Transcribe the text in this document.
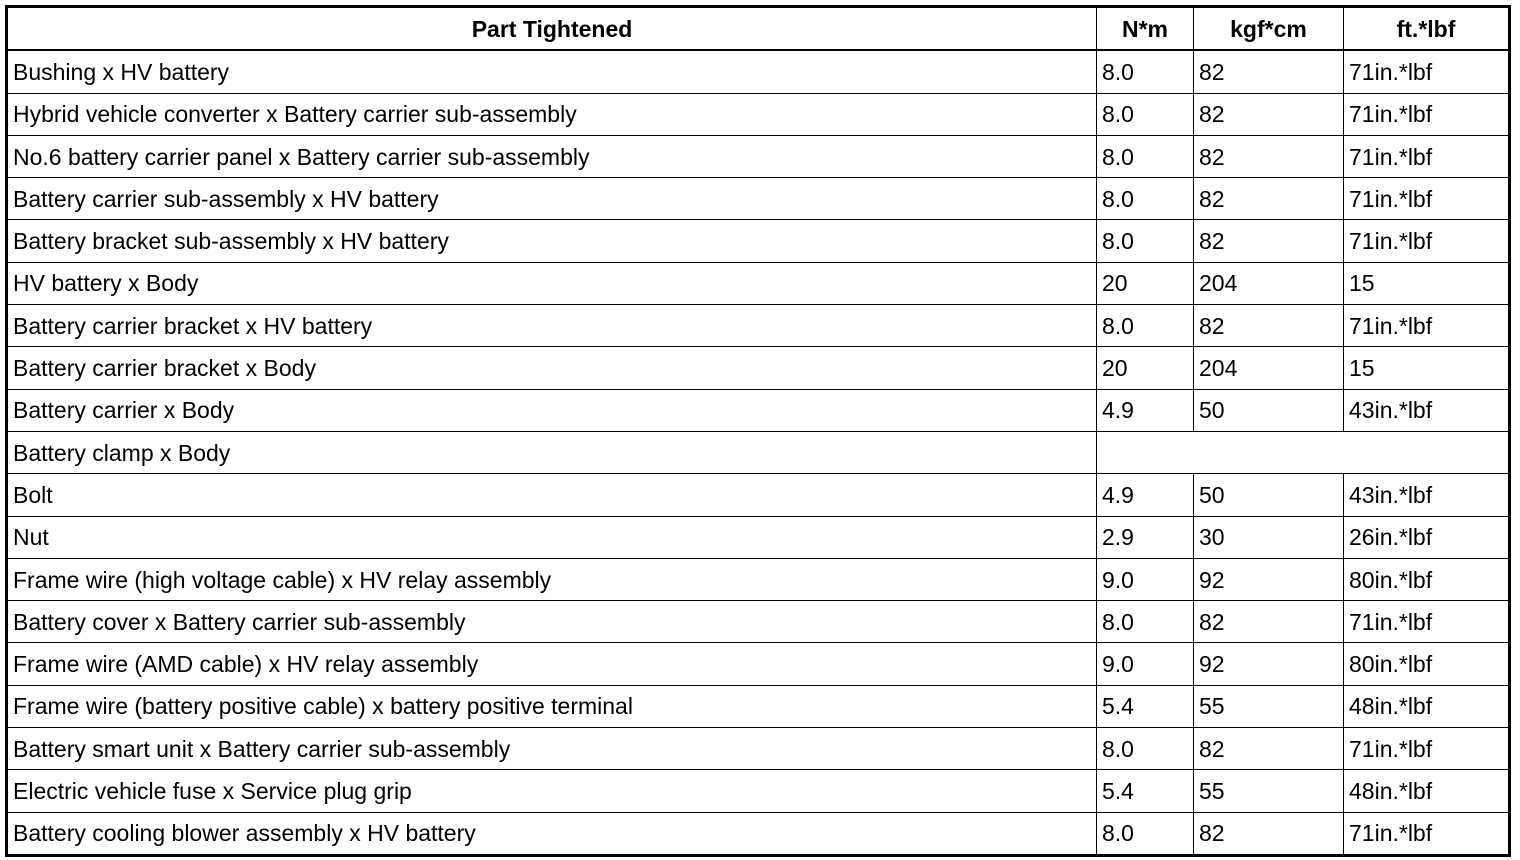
Part Tightened	N*m	kgf*cm	ft.*lbf
Bushing x HV battery	8.0	82	71in.*lbf
Hybrid vehicle converter x Battery carrier sub-assembly	8.0	82	71in.*lbf
No.6 battery carrier panel x Battery carrier sub-assembly	8.0	82	71in.*lbf
Battery carrier sub-assembly x HV battery	8.0	82	71in.*lbf
Battery bracket sub-assembly x HV battery	8.0	82	71in.*lbf
HV battery x Body	20	204	15
Battery carrier bracket x HV battery	8.0	82	71in.*lbf
Battery carrier bracket x Body	20	204	15
Battery carrier x Body	4.9	50	43in.*lbf
Battery clamp x Body			
Bolt	4.9	50	43in.*lbf
Nut	2.9	30	26in.*lbf
Frame wire (high voltage cable) x HV relay assembly	9.0	92	80in.*lbf
Battery cover x Battery carrier sub-assembly	8.0	82	71in.*lbf
Frame wire (AMD cable) x HV relay assembly	9.0	92	80in.*lbf
Frame wire (battery positive cable) x battery positive terminal	5.4	55	48in.*lbf
Battery smart unit x Battery carrier sub-assembly	8.0	82	71in.*lbf
Electric vehicle fuse x Service plug grip	5.4	55	48in.*lbf
Battery cooling blower assembly x HV battery	8.0	82	71in.*lbf
